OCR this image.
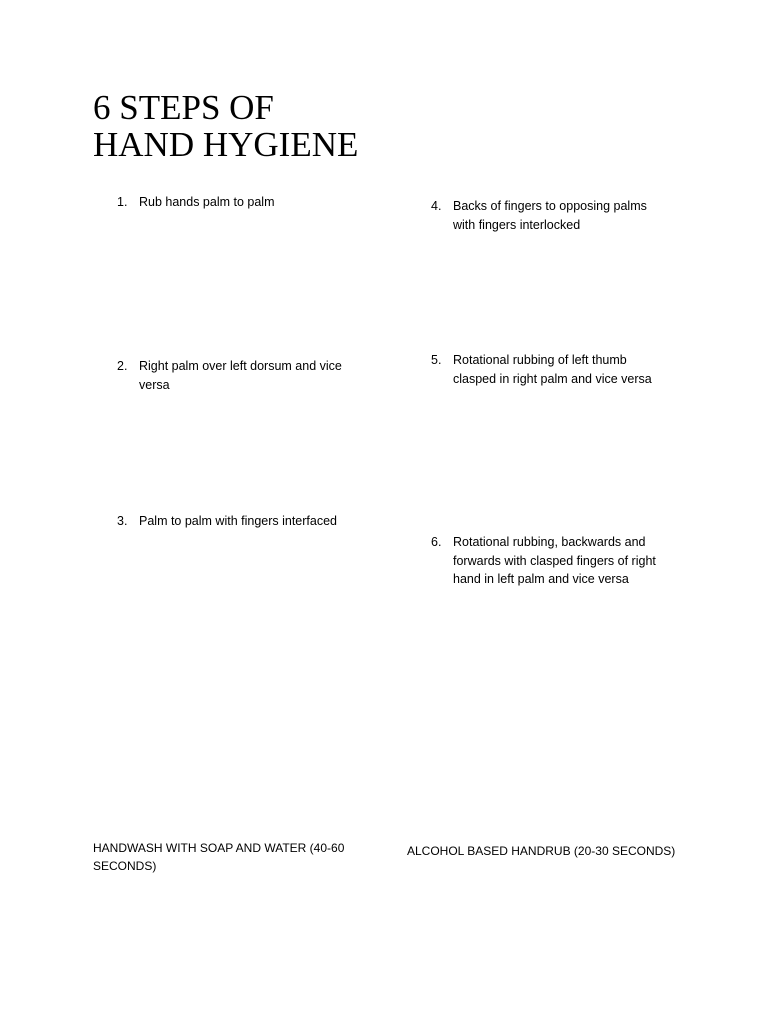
6 STEPS OF
HAND HYGIENE
1. Rub hands palm to palm
2. Right palm over left dorsum and vice versa
3. Palm to palm with fingers interfaced
4. Backs of fingers to opposing palms with fingers interlocked
5. Rotational rubbing of left thumb clasped in right palm and vice versa
6. Rotational rubbing, backwards and forwards with clasped fingers of right hand in left palm and vice versa
HANDWASH WITH SOAP AND WATER (40-60 SECONDS)
ALCOHOL BASED HANDRUB (20-30 SECONDS)
